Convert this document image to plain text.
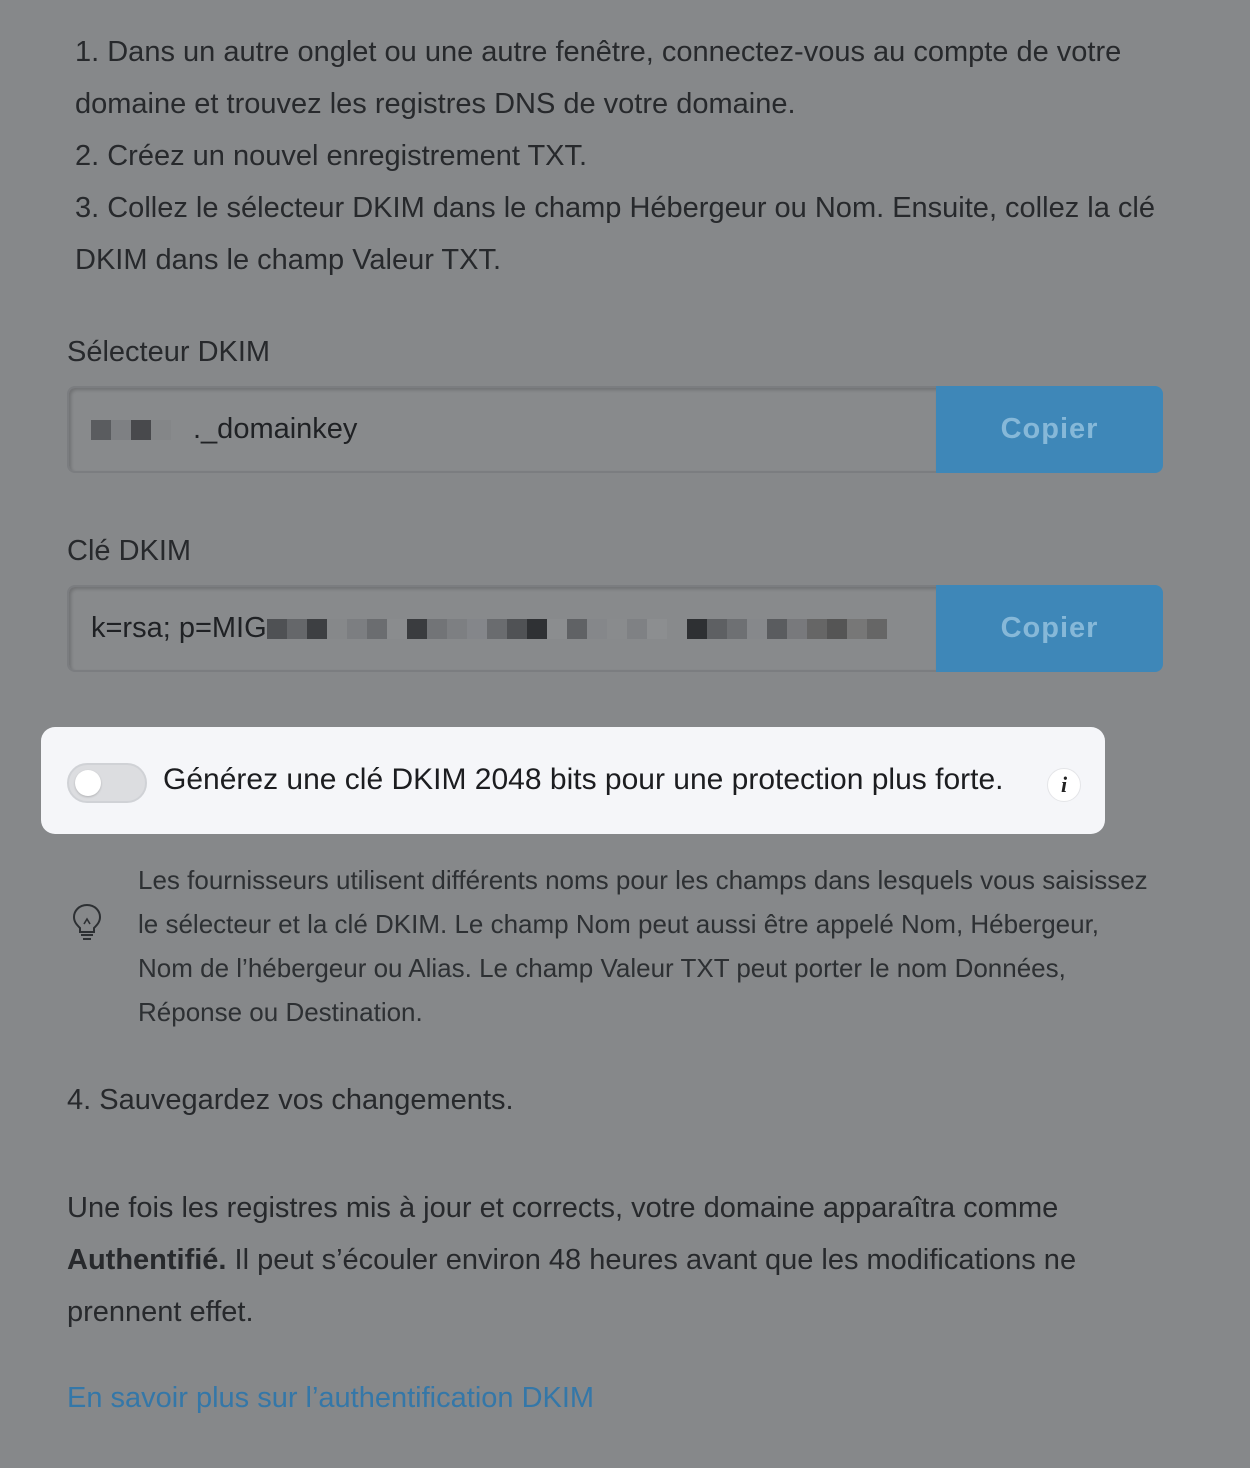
1. Dans un autre onglet ou une autre fenêtre, connectez-vous au compte de votre domaine et trouvez les registres DNS de votre domaine.

2. Créez un nouvel enregistrement TXT.

3. Collez le sélecteur DKIM dans le champ Hébergeur ou Nom. Ensuite, collez la clé DKIM dans le champ Valeur TXT.

Sélecteur DKIM
._domainkey	Copier
Clé DKIM
k=rsa; p=MIG	Copier
Générez une clé DKIM 2048 bits pour une protection plus forte.	i
Les fournisseurs utilisent différents noms pour les champs dans lesquels vous saisissez le sélecteur et la clé DKIM. Le champ Nom peut aussi être appelé Nom, Hébergeur, Nom de l’hébergeur ou Alias. Le champ Valeur TXT peut porter le nom Données, Réponse ou Destination.
4. Sauvegardez vos changements.
Une fois les registres mis à jour et corrects, votre domaine apparaîtra comme Authentifié. Il peut s’écouler environ 48 heures avant que les modifications ne prennent effet.
En savoir plus sur l’authentification DKIM
